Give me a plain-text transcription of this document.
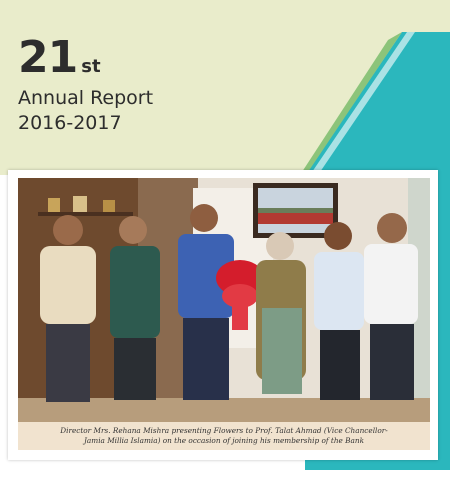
21 st
Annual Report
2016-2017
Director Mrs. Rehana Mishra presenting Flowers to Prof. Talat Ahmad (Vice Chancellor-
Jamia Millia Islamia) on the occasion of joining his membership of the Bank
